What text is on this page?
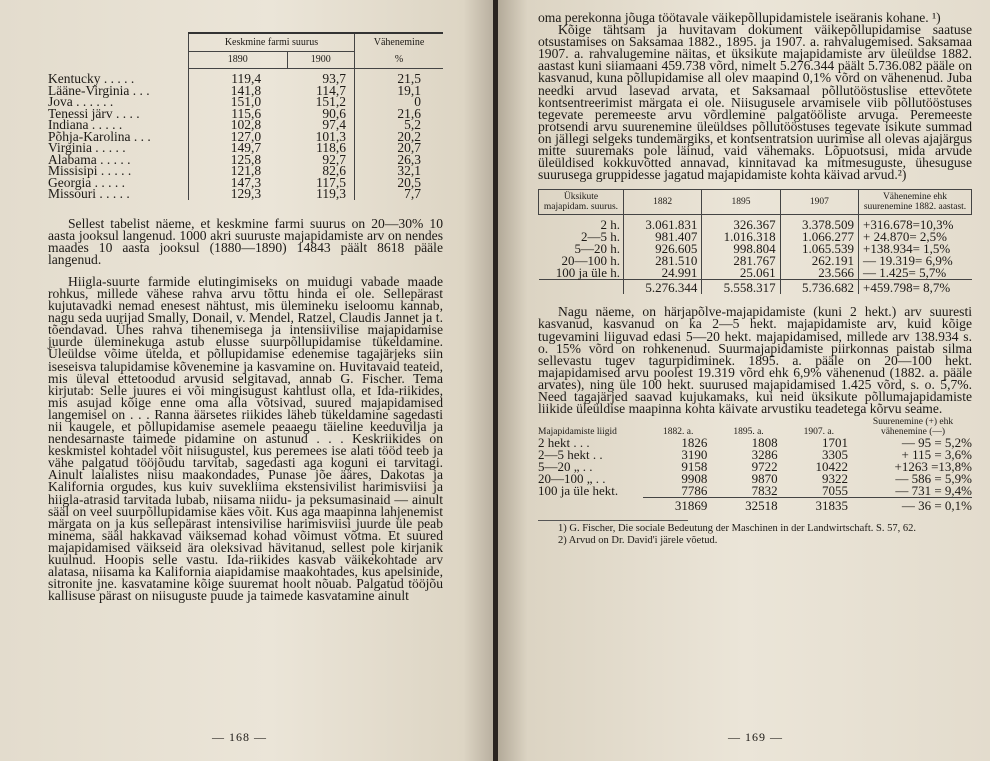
	Keskmine farmi suurus		Vähenemine
	1890	1900	%
Kentucky . . . . .	119,4	93,7	21,5
Lääne-Virginia . . .	141,8	114,7	19,1
Jova . . . . . .	151,0	151,2	0
Tenessi järv . . . .	115,6	90,6	21,6
Indiana . . . . .	102,8	97,4	5,2
Põhja-Karolina . . .	127,0	101,3	20,2
Virginia . . . . .	149,7	118,6	20,7
Alabama . . . . .	125,8	92,7	26,3
Missisipi . . . . .	121,8	82,6	32,1
Georgia . . . . .	147,3	117,5	20,5
Missouri . . . . .	129,3	119,3	7,7

Sellest tabelist näeme, et keskmine farmi suurus on 20—30% 10 aasta jooksul langenud. 1000 akri suuruste majapidamiste arv on nendes maades 10 aasta jooksul (1880—1890) 14843 päält 8618 pääle langenud.

Hiigla-suurte farmide elutingimiseks on muidugi vabade maade rohkus, millede vähese rahva arvu tõttu hinda ei ole. Sellepärast kujutavadki nemad enesest nähtust, mis ülemineku iseloomu kannab, nagu seda uurijad Smally, Donail, v. Mendel, Ratzel, Claudis Jannet ja t. tõendavad. Ühes rahva tihenemisega ja intensiivilise majapidamise juurde üleminekuga astub elusse suurpõllupidamise tükeldamine. Üleüldse võime ütelda, et põllupidamise edenemise tagajärjeks siin iseseisva talupidamise kõvenemine ja kasvamine on. Huvitavaid teateid, mis üleval ettetoodud arvusid selgitavad, annab G. Fischer. Tema kirjutab: Selle juures ei või mingisugust kahtlust olla, et Ida-riikides, mis asujad kõige enne oma alla võtsivad, suured majapidamised langemisel on . . . Ranna äärsetes riikides läheb tükeldamine sagedasti nii kaugele, et põllupidamise asemele peaaegu täieline keeduvilja ja nendesarnaste taimede pidamine on astunud . . . Keskriikides on keskmistel kohtadel võit niisugustel, kus peremees ise alati tööd teeb ja vähe palgatud tööjõudu tarvitab, sagedasti aga koguni ei tarvitagi. Ainult laialistes niisu maakondades, Punase jõe ääres, Dakotas ja Kalifornia orgudes, kus kuiv suvekliima ekstensivilist harimisviisi ja hiigla-atrasid tarvitada lubab, niisama niidu- ja peksumasinaid — ainult sääl on veel suurpõllupidamise käes võit. Kus aga maapinna lahjenemist märgata on ja kus sellepärast intensivilise harimisviisi juurde üle peab minema, sääl hakkavad väiksemad kohad võimust võtma. Et suured majapidamised väikseid ära oleksivad hävitanud, sellest pole kirjanik kuulnud. Hoopis selle vastu. Ida-riikides kasvab väikekohtade arv alatasa, niisama ka Kalifornia aiapidamise maakohtades, kus apelsinide, sitronite jne. kasvatamine kõige suuremat hoolt nõuab. Palgatud tööjõu kallisuse pärast on niisuguste puude ja taimede kasvatamine ainult

— 168 —

oma perekonna jõuga töötavale väikepõllupidamistele iseäranis kohane. ¹)

Kõige tähtsam ja huvitavam dokument väikepõllupidamise saatuse otsustamises on Saksamaa 1882., 1895. ja 1907. a. rahvalugemised. Saksamaa 1907. a. rahvalugemine näitas, et üksikute majapidamiste arv üleüldse 1882. aastast kuni siiamaani 459.738 võrd, nimelt 5.276.344 päält 5.736.082 pääle on kasvanud, kuna põllupidamise all olev maapind 0,1% võrd on vähenenud. Juba needki arvud lasevad arvata, et Saksamaal põllutööstuslise ettevõtete kontsentreerimist märgata ei ole. Niisugusele arvamisele viib põllutööstuses tegevate peremeeste arvu võrdlemine palgatööliste arvuga. Peremeeste protsendi arvu suurenemine üleüldses põllutööstuses tegevate isikute summad on jällegi selgeks tundemärgiks, et kontsentratsion uurimise all olevas ajajärgus mitte suuremaks pole läinud, vaid vähemaks. Lõpuotsusi, mida arvude üleüldised kokkuvõtted annavad, kinnitavad ka mitmesuguste, ühesuguse suurusega gruppidesse jagatud majapidamiste kohta käivad arvud.²)

Üksikute majapidam. suurus.	1882	1895	1907	Vähenemine ehk suurenemine 1882. aastast.
2 h.	3.061.831	326.367	3.378.509	+316.678=10,3%
2—5 h.	981.407	1.016.318	1.066.277	+ 24.870= 2,5%
5—20 h.	926.605	998.804	1.065.539	+138.934= 1,5%
20—100 h.	281.510	281.767	262.191	— 19.319= 6,9%
100 ja üle h.	24.991	25.061	23.566	— 1.425= 5,7%
	5.276.344	5.558.317	5.736.682	+459.798= 8,7%

Nagu näeme, on härjapõlve-majapidamiste (kuni 2 hekt.) arv suuresti kasvanud, kasvanud on ka 2—5 hekt. majapidamiste arv, kuid kõige tugevamini liiguvad edasi 5—20 hekt. majapidamised, millede arv 138.934 s. o. 15% võrd on rohkenenud. Suurmajapidamiste piirkonnas paistab silma sellevastu tugev tagurpidiminek. 1895. a. pääle on 20—100 hekt. majapidamised arvu poolest 19.319 võrd ehk 6,9% vähenenud (1882. a. pääle arvates), ning üle 100 hekt. suurused majapidamised 1.425 võrd, s. o. 5,7%. Need tagajärjed saavad kujukamaks, kui neid üksikute põllumajapidamiste liikide üleüldise maapinna kohta käivate arvustiku teadetega kõrvu seame.

Majapidamiste liigid	1882. a.	1895. a.	1907. a.	Suurenemine (+) ehk vähenemine (—)
2 hekt . . .	1826	1808	1701	— 95 = 5,2%
2—5 hekt . .	3190	3286	3305	+ 115 = 3,6%
5—20 „ . .	9158	9722	10422	+1263 =13,8%
20—100 „ . .	9908	9870	9322	— 586 = 5,9%
100 ja üle hekt.	7786	7832	7055	— 731 = 9,4%
	31869	32518	31835	— 36 = 0,1%

1) G. Fischer, Die sociale Bedeutung der Maschinen in der Landwirtschaft. S. 57, 62.

2) Arvud on Dr. David'i järele võetud.

— 169 —
